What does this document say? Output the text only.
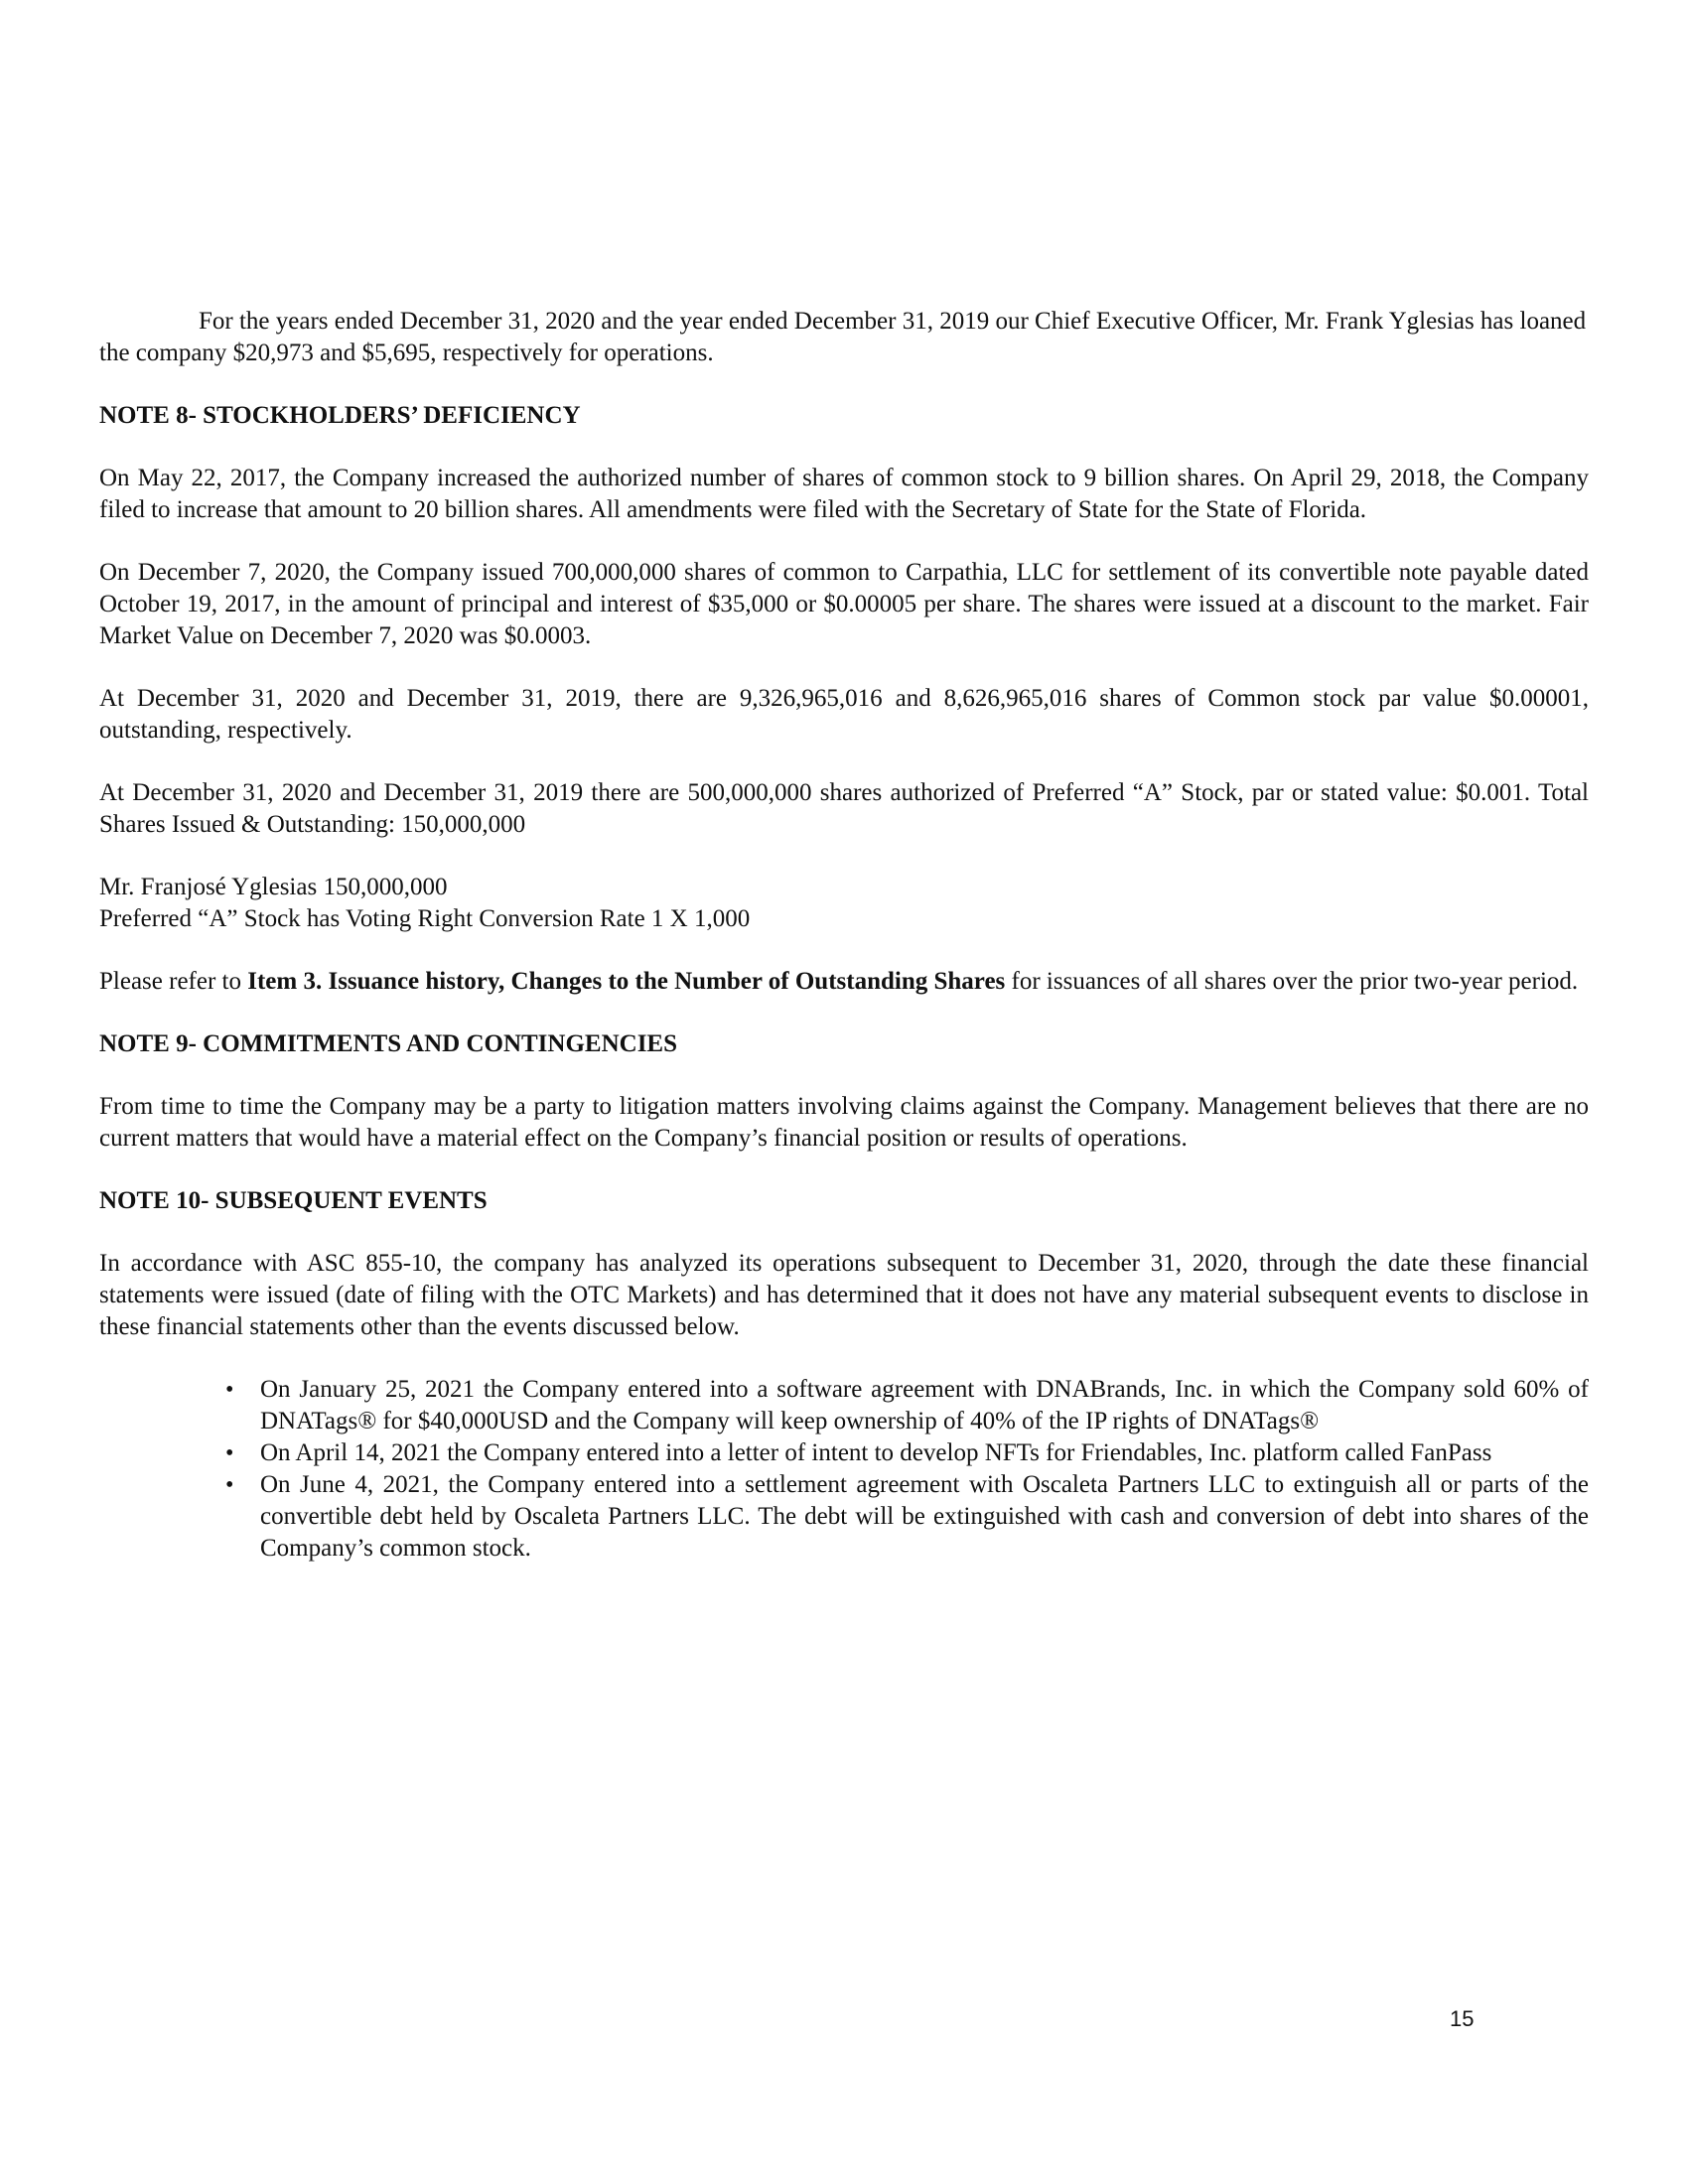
For the years ended December 31, 2020 and the year ended December 31, 2019 our Chief Executive Officer, Mr. Frank Yglesias has loaned the company $20,973 and $5,695, respectively for operations.

NOTE 8- STOCKHOLDERS’ DEFICIENCY

On May 22, 2017, the Company increased the authorized number of shares of common stock to 9 billion shares. On April 29, 2018, the Company filed to increase that amount to 20 billion shares. All amendments were filed with the Secretary of State for the State of Florida.

On December 7, 2020, the Company issued 700,000,000 shares of common to Carpathia, LLC for settlement of its convertible note payable dated October 19, 2017, in the amount of principal and interest of $35,000 or $0.00005 per share. The shares were issued at a discount to the market. Fair Market Value on December 7, 2020 was $0.0003.

At December 31, 2020 and December 31, 2019, there are 9,326,965,016 and 8,626,965,016 shares of Common stock par value $0.00001, outstanding, respectively.

At December 31, 2020 and December 31, 2019 there are 500,000,000 shares authorized of Preferred “A” Stock, par or stated value: $0.001. Total Shares Issued & Outstanding: 150,000,000

Mr. Franjosé Yglesias 150,000,000

Preferred “A” Stock has Voting Right Conversion Rate 1 X 1,000

Please refer to Item 3. Issuance history, Changes to the Number of Outstanding Shares for issuances of all shares over the prior two-year period.

NOTE 9- COMMITMENTS AND CONTINGENCIES

From time to time the Company may be a party to litigation matters involving claims against the Company. Management believes that there are no current matters that would have a material effect on the Company’s financial position or results of operations.

NOTE 10- SUBSEQUENT EVENTS

In accordance with ASC 855-10, the company has analyzed its operations subsequent to December 31, 2020, through the date these financial statements were issued (date of filing with the OTC Markets) and has determined that it does not have any material subsequent events to disclose in these financial statements other than the events discussed below.

• On January 25, 2021 the Company entered into a software agreement with DNABrands, Inc. in which the Company sold 60% of DNATags® for $40,000USD and the Company will keep ownership of 40% of the IP rights of DNATags®
• On April 14, 2021 the Company entered into a letter of intent to develop NFTs for Friendables, Inc. platform called FanPass
• On June 4, 2021, the Company entered into a settlement agreement with Oscaleta Partners LLC to extinguish all or parts of the convertible debt held by Oscaleta Partners LLC. The debt will be extinguished with cash and conversion of debt into shares of the Company’s common stock.
15
